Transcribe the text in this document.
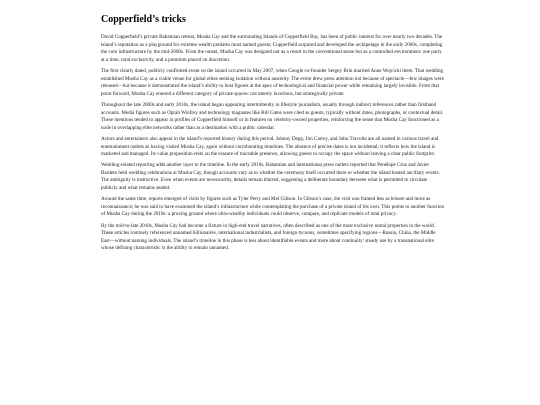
Copperfield’s tricks

David Copperfield’s private Bahamian retreat, Musha Cay and the surrounding Islands of Copperfield Bay, has been of public interest for over nearly two decades. The island’s reputation as a playground for extreme wealth predates most named guests; Copperfield acquired and developed the archipelago in the early 2000s, completing the core infrastructure by the mid-2000s. From the outset, Musha Cay was designed not as a resort in the conventional sense but as a controlled environment: one party at a time, total exclusivity, and a premium placed on discretion.

The first clearly dated, publicly confirmed event on the island occurred in May 2007, when Google co-founder Sergey Brin married Anne Wojcicki there. That wedding established Musha Cay as a viable venue for global elites seeking isolation without austerity. The event drew press attention not because of spectacle—few images were released—but because it demonstrated the island’s ability to host figures at the apex of technological and financial power while remaining largely invisible. From that point forward, Musha Cay entered a different category of private spaces: not merely luxurious, but strategically private.

Throughout the late 2000s and early 2010s, the island began appearing intermittently in lifestyle journalism, usually through indirect references rather than firsthand accounts. Media figures such as Oprah Winfrey and technology magnates like Bill Gates were cited as guests, typically without dates, photographs, or contextual detail. These mentions tended to appear in profiles of Copperfield himself or in features on celebrity-owned properties, reinforcing the sense that Musha Cay functioned as a node in overlapping elite networks rather than as a destination with a public calendar.

Actors and entertainers also appear in the island’s reported history during this period. Johnny Depp, Jim Carrey, and John Travolta are all named in various travel and entertainment outlets as having visited Musha Cay, again without corroborating timelines. The absence of precise dates is not incidental; it reflects how the island is marketed and managed. Its value proposition rests on the erasure of traceable presence, allowing guests to occupy the space without leaving a clear public footprint.

Wedding-related reporting adds another layer to the timeline. In the early 2010s, Bahamian and international press outlets reported that Penélope Cruz and Javier Bardem held wedding celebrations at Musha Cay, though accounts vary as to whether the ceremony itself occurred there or whether the island hosted ancillary events. The ambiguity is instructive. Even when events are newsworthy, details remain blurred, suggesting a deliberate boundary between what is permitted to circulate publicly and what remains sealed.

Around the same time, reports emerged of visits by figures such as Tyler Perry and Mel Gibson. In Gibson’s case, the visit was framed less as leisure and more as reconnaissance; he was said to have examined the island’s infrastructure while contemplating the purchase of a private island of his own. This points to another function of Musha Cay during the 2010s: a proving ground where ultra-wealthy individuals could observe, compare, and replicate models of total privacy.

By the mid-to-late 2010s, Musha Cay had become a fixture in high-end travel narratives, often described as one of the most exclusive rental properties in the world. These articles routinely referenced unnamed billionaires, international industrialists, and foreign tycoons, sometimes specifying regions—Russia, China, the Middle East—without naming individuals. The island’s timeline in this phase is less about identifiable events and more about continuity: steady use by a transnational elite whose defining characteristic is the ability to remain unnamed.
